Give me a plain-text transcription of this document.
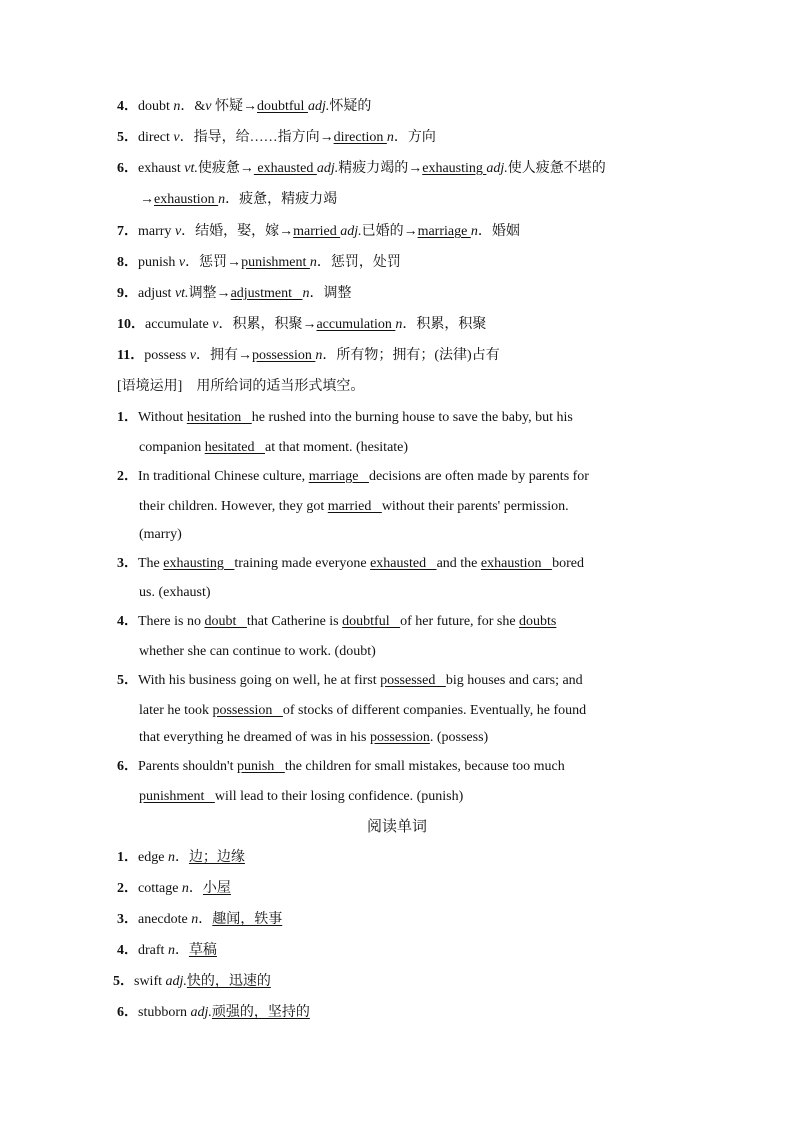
4．doubt n．&v 怀疑→doubtful adj.怀疑的
5．direct v．指导，给……指方向→direction n．方向
6．exhaust vt.使疲惫→ exhausted adj.精疲力竭的→exhausting adj.使人疲惫不堪的
→exhaustion n．疲惫，精疲力竭
7．marry v．结婚，娶，嫁→married adj.已婚的→marriage n．婚姻
8．punish v．惩罚→punishment n．惩罚，处罚
9．adjust vt.调整→adjustment   n．调整
10．accumulate v．积累，积聚→accumulation n．积累，积聚
11．possess v．拥有→possession n．所有物；拥有；(法律)占有
[语境运用]　用所给词的适当形式填空。
1．Without hesitation   he rushed into the burning house to save the baby, but his
companion hesitated   at that moment. (hesitate)
2．In traditional Chinese culture, marriage   decisions are often made by parents for
their children. However, they got married   without their parents' permission.
(marry)
3．The exhausting   training made everyone exhausted   and the exhaustion   bored
us. (exhaust)
4．There is no doubt   that Catherine is doubtful   of her future, for she doubts
whether she can continue to work. (doubt)
5．With his business going on well, he at first possessed   big houses and cars; and
later he took possession   of stocks of different companies. Eventually, he found
that everything he dreamed of was in his possession. (possess)
6．Parents shouldn't punish   the children for small mistakes, because too much
punishment   will lead to their losing confidence. (punish)
阅读单词
1．edge n．边；边缘
2．cottage n．小屋
3．anecdote n．趣闻，轶事
4．draft n．草稿
5．swift adj.快的，迅速的
6．stubborn adj.顽强的，坚持的
